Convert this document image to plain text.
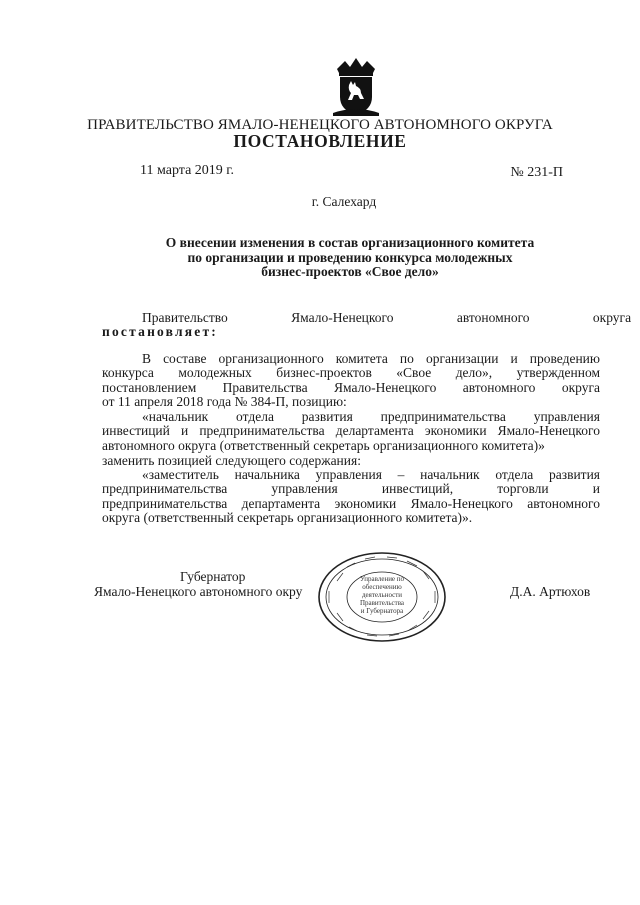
ПРАВИТЕЛЬСТВО ЯМАЛО-НЕНЕЦКОГО АВТОНОМНОГО ОКРУГА
ПОСТАНОВЛЕНИЕ
11 марта 2019 г.	№ 231-П
г. Салехард
О внесении изменения в состав организационного комитета
по организации и проведению конкурса молодежных
бизнес-проектов «Свое дело»
Правительство Ямало-Ненецкого автономного округа
постановляет:
В составе организационного комитета по организации и проведению
конкурса молодежных бизнес-проектов «Свое дело», утвержденном
постановлением Правительства Ямало-Ненецкого автономного округа
от 11 апреля 2018 года № 384-П, позицию:
«начальник отдела развития предпринимательства управления
инвестиций и предпринимательства делартамента экономики Ямало-Ненецкого
автономного округа (ответственный секретарь организационного комитета)»
заменить позицией следующего содержания:
«заместитель начальника управления – начальник отдела развития
предпринимательства управления инвестиций, торговли и
предпринимательства департамента экономики Ямало-Ненецкого автономного
округа (ответственный секретарь организационного комитета)».
Губернатор
Ямало-Ненецкого автономного окру	Д.А. Артюхов
Управление по
обеспечению
деятельности
Правительства
и Губернатора
